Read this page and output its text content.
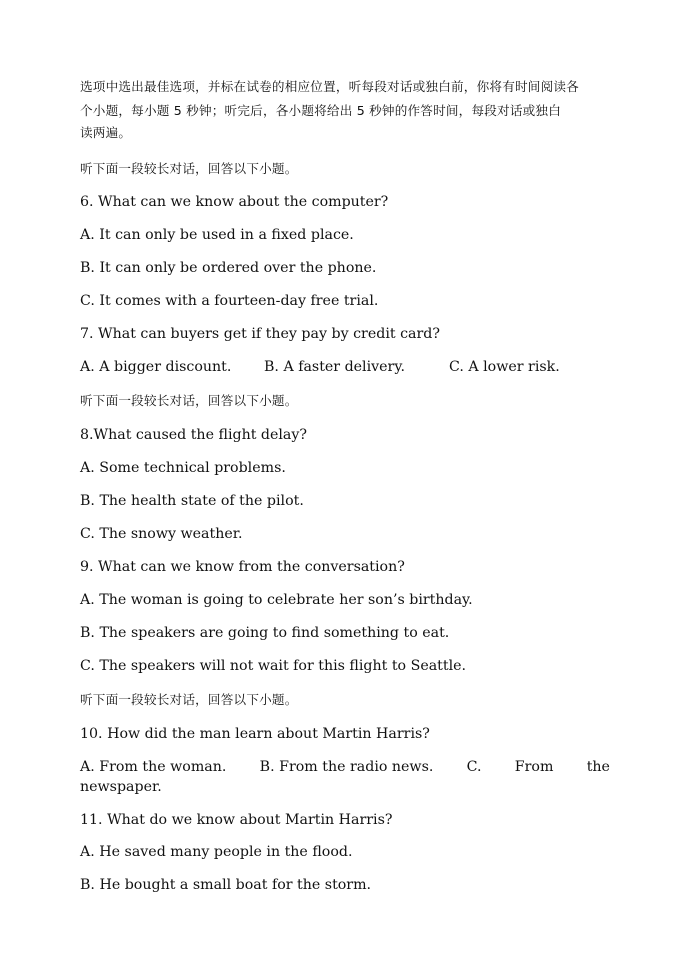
选项中选出最佳选项，并标在试卷的相应位置，听每段对话或独白前，你将有时间阅读各
个小题，每小题 5 秒钟；听完后，各小题将给出 5 秒钟的作答时间，每段对话或独白
读两遍。
听下面一段较长对话，回答以下小题。
6. What can we know about the computer?
A. It can only be used in a fixed place.
B. It can only be ordered over the phone.
C. It comes with a fourteen-day free trial.
7. What can buyers get if they pay by credit card?
A. A bigger discount.	B. A faster delivery.	C. A lower risk.
听下面一段较长对话，回答以下小题。
8.What caused the flight delay?
A. Some technical problems.
B. The health state of the pilot.
C. The snowy weather.
9. What can we know from the conversation?
A. The woman is going to celebrate her son’s birthday.
B. The speakers are going to find something to eat.
C. The speakers will not wait for this flight to Seattle.
听下面一段较长对话，回答以下小题。
10. How did the man learn about Martin Harris?
A. From the woman. B. From the radio news. C. From the
newspaper.
11. What do we know about Martin Harris?
A. He saved many people in the flood.
B. He bought a small boat for the storm.
